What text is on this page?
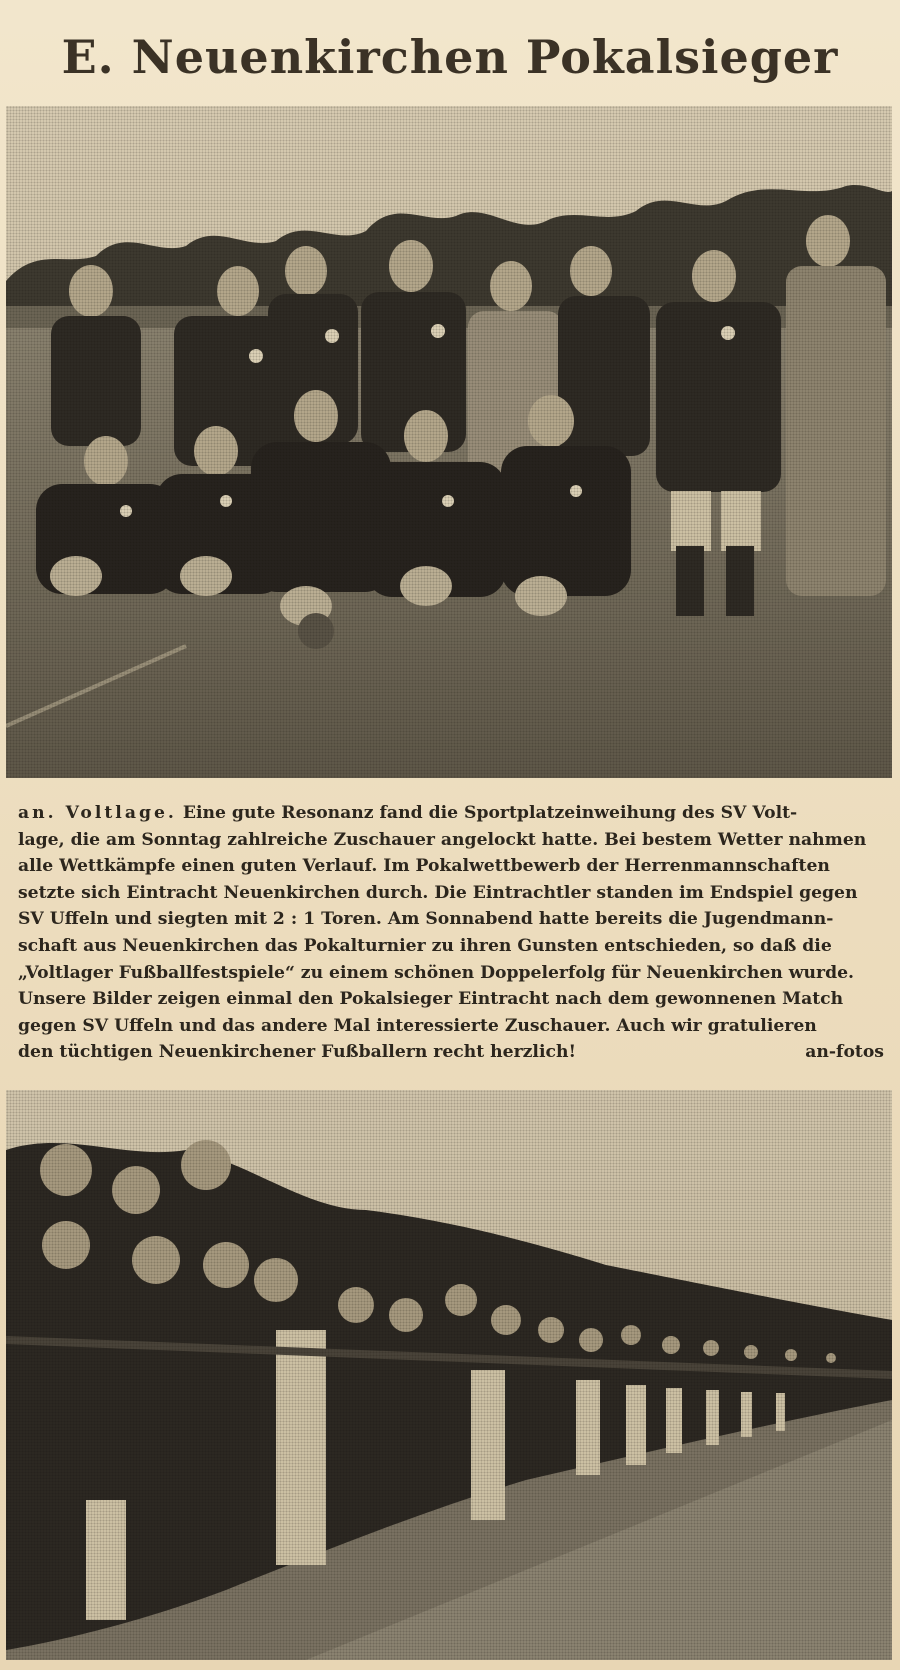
E. Neuenkirchen Pokalsieger
an. Voltlage. Eine gute Resonanz fand die Sportplatzeinweihung des SV Volt-
lage, die am Sonntag zahlreiche Zuschauer angelockt hatte. Bei bestem Wetter nahmen
alle Wettkämpfe einen guten Verlauf. Im Pokalwettbewerb der Herrenmannschaften
setzte sich Eintracht Neuenkirchen durch. Die Eintrachtler standen im Endspiel gegen
SV Uffeln und siegten mit 2 : 1 Toren. Am Sonnabend hatte bereits die Jugendmann-
schaft aus Neuenkirchen das Pokalturnier zu ihren Gunsten entschieden, so daß die
„Voltlager Fußballfestspiele“ zu einem schönen Doppelerfolg für Neuenkirchen wurde.
Unsere Bilder zeigen einmal den Pokalsieger Eintracht nach dem gewonnenen Match
gegen SV Uffeln und das andere Mal interessierte Zuschauer. Auch wir gratulieren
den tüchtigen Neuenkirchener Fußballern recht herzlich!	an-fotos
